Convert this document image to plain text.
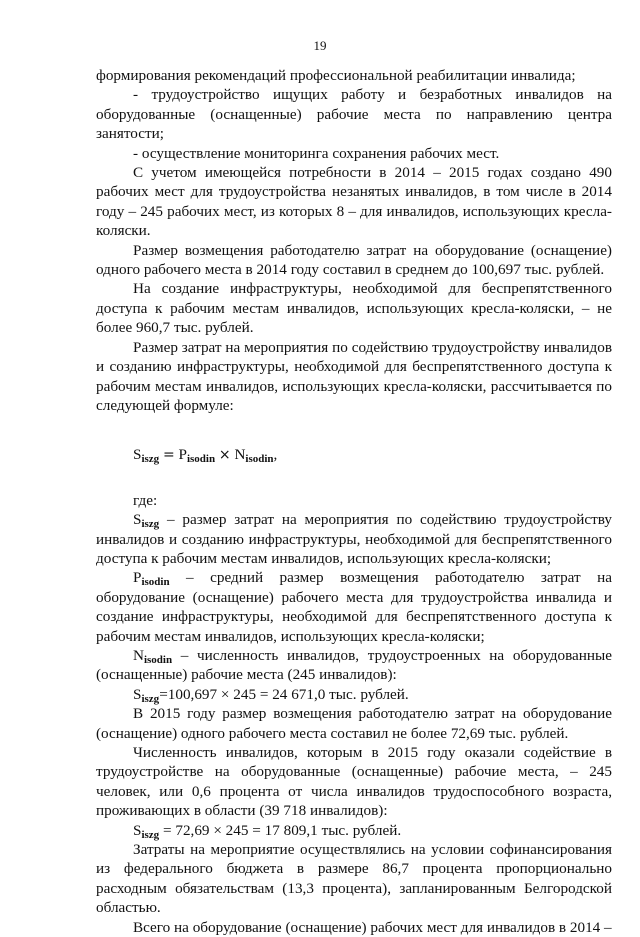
19

формирования рекомендаций профессиональной реабилитации инвалида;

- трудоустройство ищущих работу и безработных инвалидов на оборудованные (оснащенные) рабочие места по направлению центра занятости;

- осуществление мониторинга сохранения рабочих мест.

С учетом имеющейся потребности в 2014 – 2015 годах создано 490 рабочих мест для трудоустройства незанятых инвалидов, в том числе в 2014 году – 245 рабочих мест, из которых 8 – для инвалидов, использующих кресла-коляски.

Размер возмещения работодателю затрат на оборудование (оснащение) одного рабочего места в 2014 году составил в среднем до 100,697 тыс. рублей.

На создание инфраструктуры, необходимой для беспрепятственного доступа к рабочим местам инвалидов, использующих кресла-коляски, – не более 960,7 тыс. рублей.

Размер затрат на мероприятия по содействию трудоустройству инвалидов и созданию инфраструктуры, необходимой для беспрепятственного доступа к рабочим местам инвалидов, использующих кресла-коляски, рассчитывается по следующей формуле:

$S_{iszg} = P_{isodin} \times N_{isodin}$,

где:

$S_{iszg}$ – размер затрат на мероприятия по содействию трудоустройству инвалидов и созданию инфраструктуры, необходимой для беспрепятственного доступа к рабочим местам инвалидов, использующих кресла-коляски;

$P_{isodin}$ – средний размер возмещения работодателю затрат на оборудование (оснащение) рабочего места для трудоустройства инвалида и создание инфраструктуры, необходимой для беспрепятственного доступа к рабочим местам инвалидов, использующих кресла-коляски;

$N_{isodin}$ – численность инвалидов, трудоустроенных на оборудованные (оснащенные) рабочие места (245 инвалидов):

$S_{iszg}=100,697 \times 245 = 24$ 671,0 тыс. рублей.

В 2015 году размер возмещения работодателю затрат на оборудование (оснащение) одного рабочего места составил не более 72,69 тыс. рублей.

Численность инвалидов, которым в 2015 году оказали содействие в трудоустройстве на оборудованные (оснащенные) рабочие места, – 245 человек, или 0,6 процента от числа инвалидов трудоспособного возраста, проживающих в области (39 718 инвалидов):

$S_{iszg} = 72,69 \times 245 = 17$ 809,1 тыс. рублей.

Затраты на мероприятие осуществлялись на условии софинансирования из федерального бюджета в размере 86,7 процента пропорционально расходным обязательствам (13,3 процента), запланированным Белгородской областью.

Всего на оборудование (оснащение) рабочих мест для инвалидов в 2014 –
